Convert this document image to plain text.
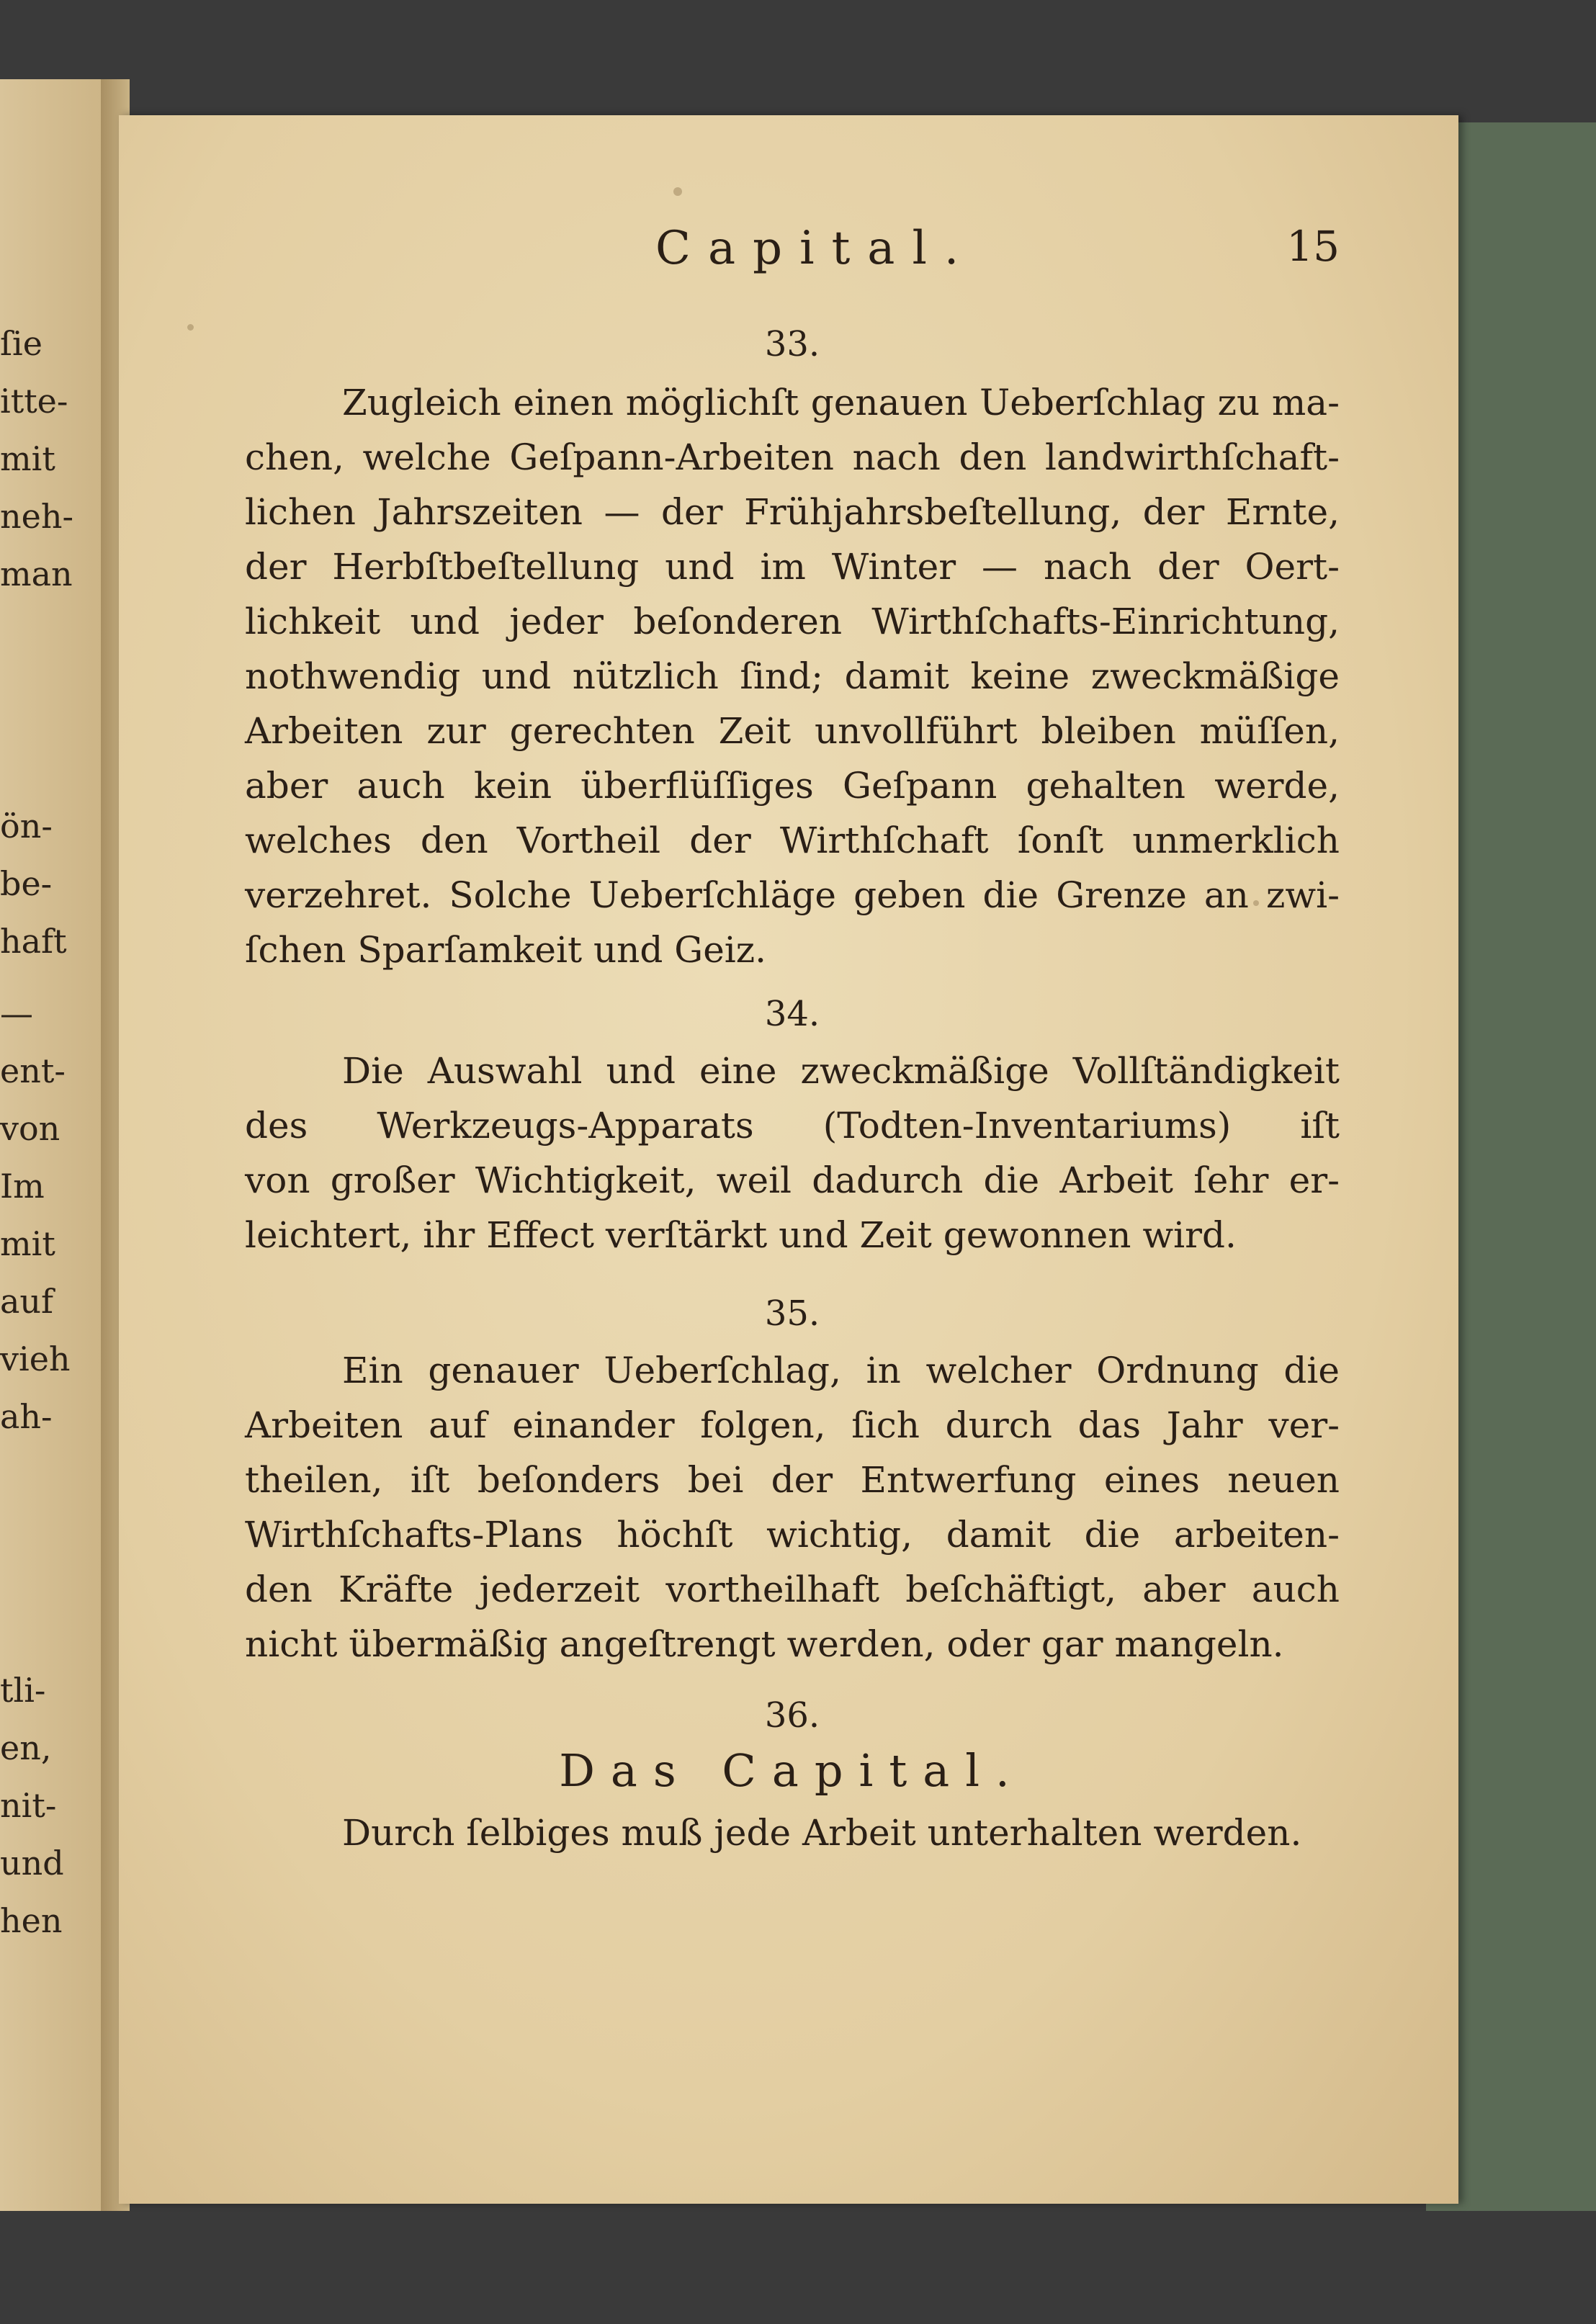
ſie
itte-
mit
neh-
man
ön-
be-
haft
—
ent-
von
Im
mit
auf
vieh
ah-
tli-
en,
nit-
und
hen
Capital.	15
33.
Zugleich einen möglichſt genauen Ueberſchlag zu ma-
chen, welche Geſpann-Arbeiten nach den landwirthſchaft-
lichen Jahrszeiten — der Frühjahrsbeſtellung, der Ernte,
der Herbſtbeſtellung und im Winter — nach der Oert-
lichkeit und jeder beſonderen Wirthſchafts-Einrichtung,
nothwendig und nützlich ſind; damit keine zweckmäßige
Arbeiten zur gerechten Zeit unvollführt bleiben müſſen,
aber auch kein überflüſſiges Geſpann gehalten werde,
welches den Vortheil der Wirthſchaft ſonſt unmerklich
verzehret. Solche Ueberſchläge geben die Grenze an zwi-
ſchen Sparſamkeit und Geiz.
34.
Die Auswahl und eine zweckmäßige Vollſtändigkeit
des Werkzeugs-Apparats (Todten-Inventariums) iſt
von großer Wichtigkeit, weil dadurch die Arbeit ſehr er-
leichtert, ihr Effect verſtärkt und Zeit gewonnen wird.
35.
Ein genauer Ueberſchlag, in welcher Ordnung die
Arbeiten auf einander folgen, ſich durch das Jahr ver-
theilen, iſt beſonders bei der Entwerfung eines neuen
Wirthſchafts-Plans höchſt wichtig, damit die arbeiten-
den Kräfte jederzeit vortheilhaft beſchäftigt, aber auch
nicht übermäßig angeſtrengt werden, oder gar mangeln.
36.
Das Capital.
Durch ſelbiges muß jede Arbeit unterhalten werden.
